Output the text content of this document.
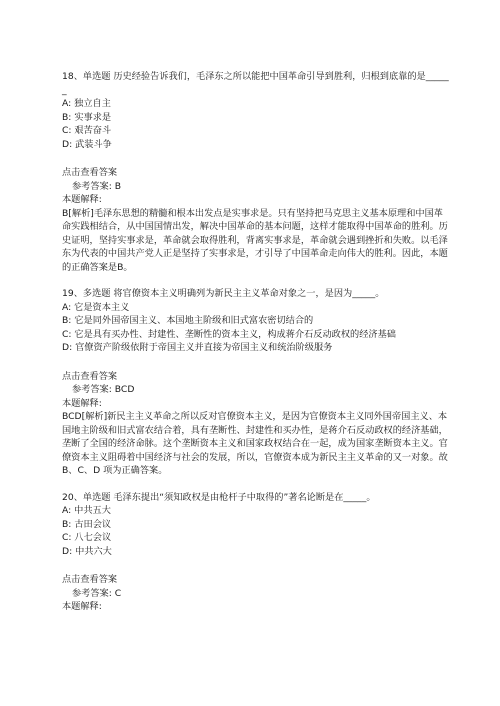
18、单选题 历史经验告诉我们，毛泽东之所以能把中国革命引导到胜利，归根到底靠的是______
A: 独立自主
B: 实事求是
C: 艰苦奋斗
D: 武装斗争
点击查看答案
参考答案: B
本题解释:
B[解析]毛泽东思想的精髓和根本出发点是实事求是。只有坚持把马克思主义基本原理和中国革命实践相结合，从中国国情出发，解决中国革命的基本问题，这样才能取得中国革命的胜利。历史证明，坚持实事求是，革命就会取得胜利，背离实事求是，革命就会遇到挫折和失败。以毛泽东为代表的中国共产党人正是坚持了实事求是，才引导了中国革命走向伟大的胜利。因此，本题的正确答案是B。
19、多选题 将官僚资本主义明确列为新民主主义革命对象之一，是因为_____。
A: 它是资本主义
B: 它是同外国帝国主义、本国地主阶级和旧式富农密切结合的
C: 它是具有买办性、封建性、垄断性的资本主义，构成蒋介石反动政权的经济基础
D: 官僚资产阶级依附于帝国主义并直接为帝国主义和统治阶级服务
点击查看答案
参考答案: BCD
本题解释:
BCD[解析]新民主主义革命之所以反对官僚资本主义，是因为官僚资本主义同外国帝国主义、本国地主阶级和旧式富农结合着，具有垄断性、封建性和买办性，是蒋介石反动政权的经济基础，垄断了全国的经济命脉。这个垄断资本主义和国家政权结合在一起，成为国家垄断资本主义。官僚资本主义阻碍着中国经济与社会的发展，所以，官僚资本成为新民主主义革命的又一对象。故 B、C、D 项为正确答案。
20、单选题 毛泽东提出“须知政权是由枪杆子中取得的”著名论断是在_____。
A: 中共五大
B: 古田会议
C: 八七会议
D: 中共六大
点击查看答案
参考答案: C
本题解释:
